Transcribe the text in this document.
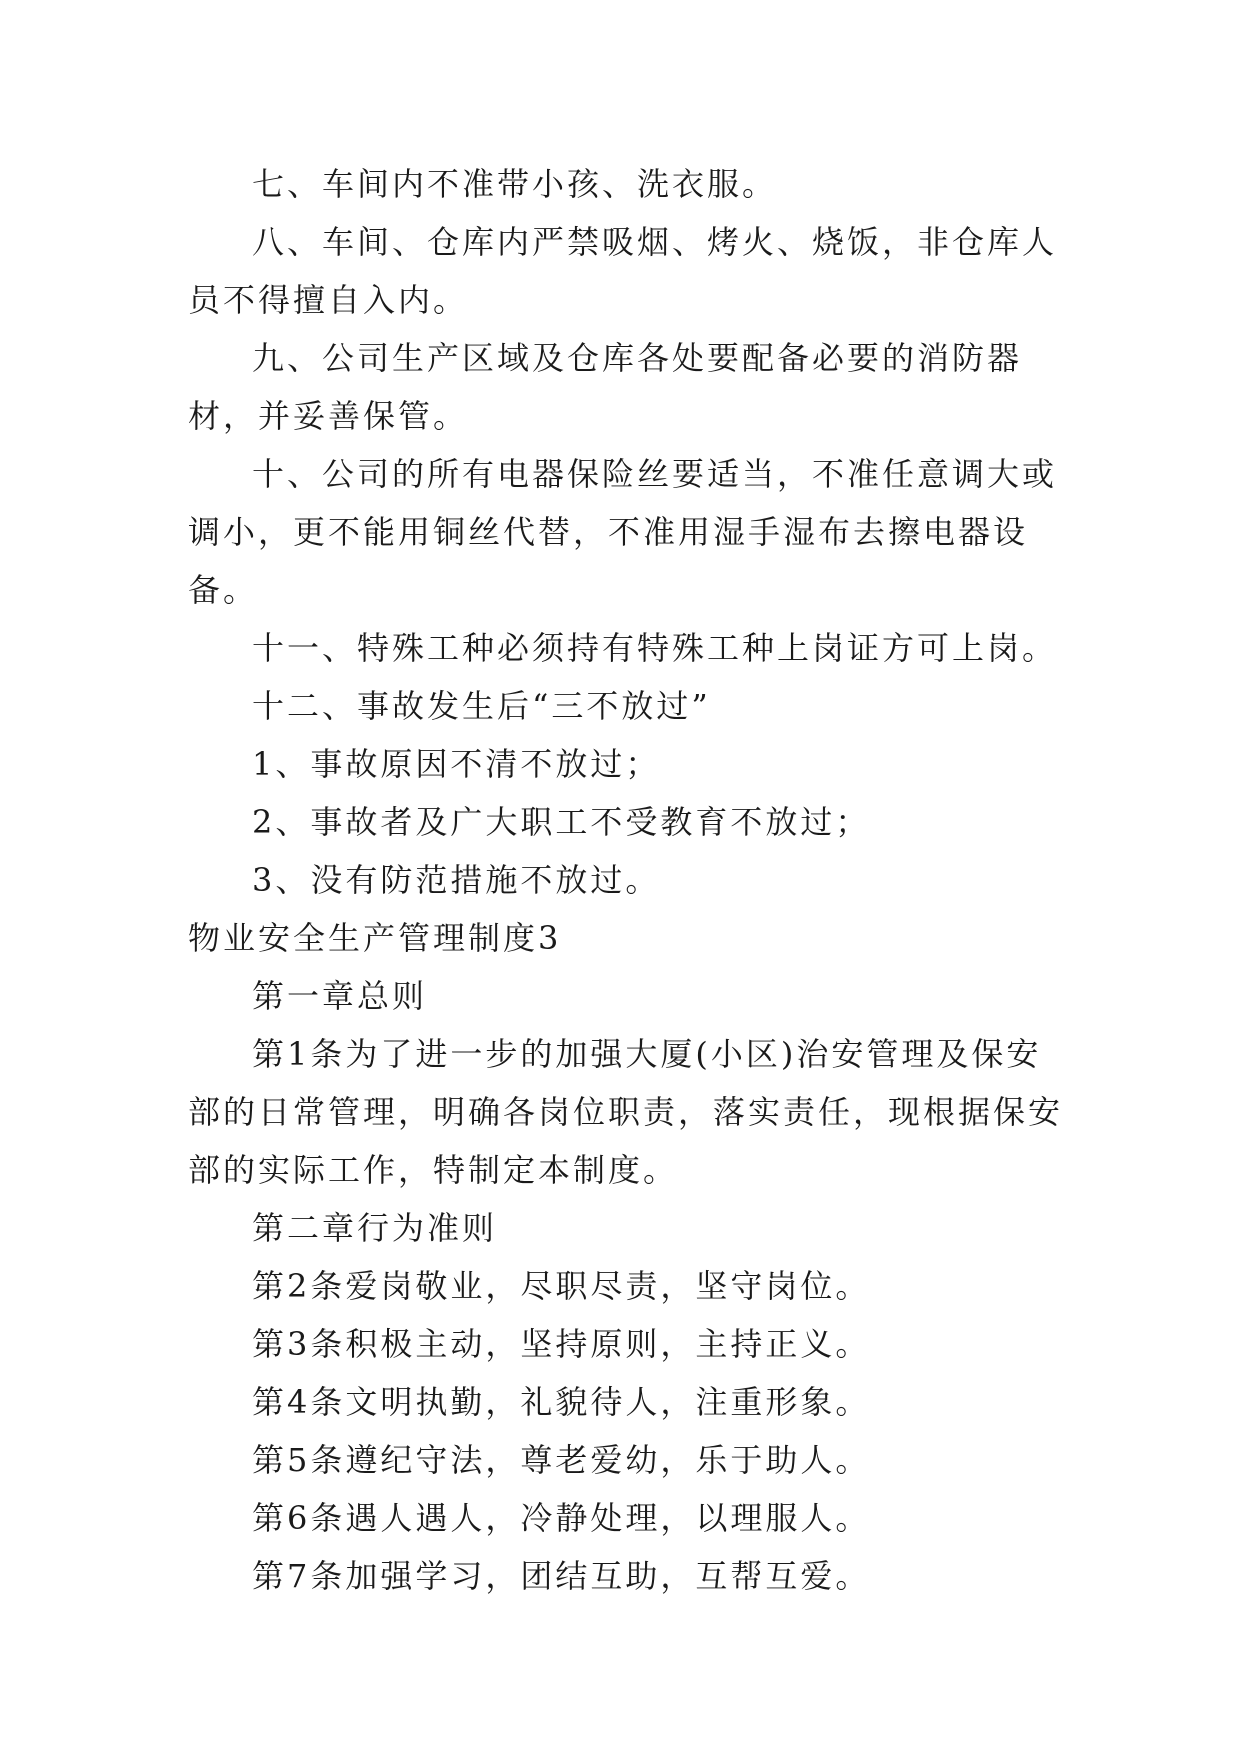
七、车间内不准带小孩、洗衣服。

八、车间、仓库内严禁吸烟、烤火、烧饭，非仓库人员不得擅自入内。

九、公司生产区域及仓库各处要配备必要的消防器材，并妥善保管。

十、公司的所有电器保险丝要适当，不准任意调大或调小，更不能用铜丝代替，不准用湿手湿布去擦电器设备。

十一、特殊工种必须持有特殊工种上岗证方可上岗。

十二、事故发生后“三不放过”

1、事故原因不清不放过；

2、事故者及广大职工不受教育不放过；

3、没有防范措施不放过。

物业安全生产管理制度3

第一章总则

第1条为了进一步的加强大厦(小区)治安管理及保安部的日常管理，明确各岗位职责，落实责任，现根据保安部的实际工作，特制定本制度。

第二章行为准则

第2条爱岗敬业，尽职尽责，坚守岗位。

第3条积极主动，坚持原则，主持正义。

第4条文明执勤，礼貌待人，注重形象。

第5条遵纪守法，尊老爱幼，乐于助人。

第6条遇人遇人，冷静处理，以理服人。

第7条加强学习，团结互助，互帮互爱。
